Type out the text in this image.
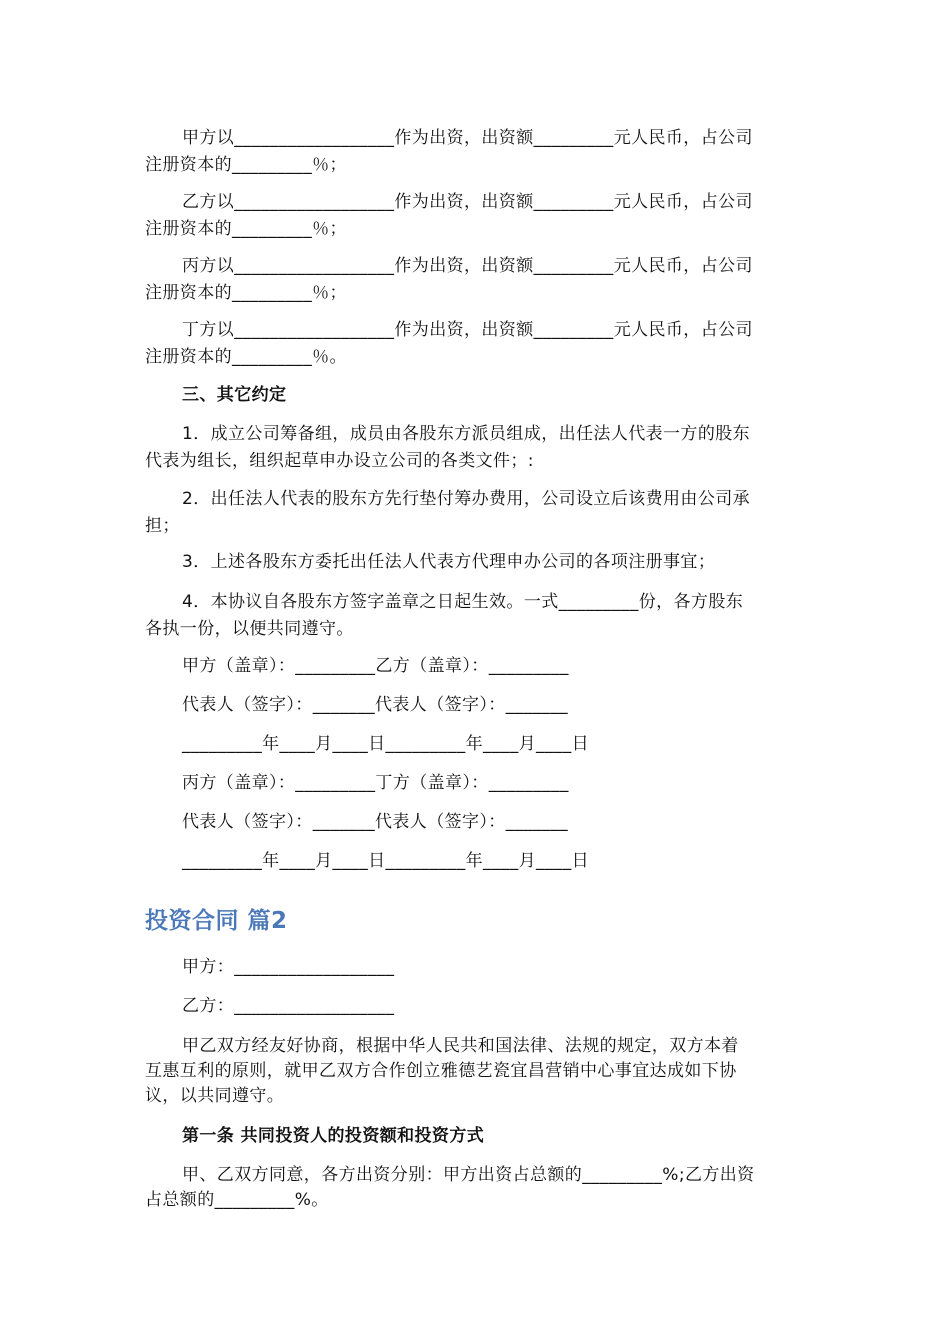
甲方以__________________作为出资，出资额_________元人民币，占公司
注册资本的_________％；
乙方以__________________作为出资，出资额_________元人民币，占公司
注册资本的_________％；
丙方以__________________作为出资，出资额_________元人民币，占公司
注册资本的_________％；
丁方以__________________作为出资，出资额_________元人民币，占公司
注册资本的_________％。
三、其它约定
1．成立公司筹备组，成员由各股东方派员组成，出任法人代表一方的股东
代表为组长，组织起草申办设立公司的各类文件；:
2．出任法人代表的股东方先行垫付筹办费用，公司设立后该费用由公司承
担；
3．上述各股东方委托出任法人代表方代理申办公司的各项注册事宜；
4．本协议自各股东方签字盖章之日起生效。一式_________份，各方股东
各执一份，以便共同遵守。
甲方（盖章）：_________乙方（盖章）：_________
代表人（签字）：_______代表人（签字）：_______
_________年____月____日_________年____月____日
丙方（盖章）：_________丁方（盖章）：_________
代表人（签字）：_______代表人（签字）：_______
_________年____月____日_________年____月____日
投资合同 篇2
甲方：__________________
乙方：__________________
甲乙双方经友好协商，根据中华人民共和国法律、法规的规定，双方本着
互惠互利的原则，就甲乙双方合作创立雅德艺瓷宜昌营销中心事宜达成如下协
议，以共同遵守。
第一条 共同投资人的投资额和投资方式
甲、乙双方同意，各方出资分别：甲方出资占总额的_________%;乙方出资
占总额的_________%。
